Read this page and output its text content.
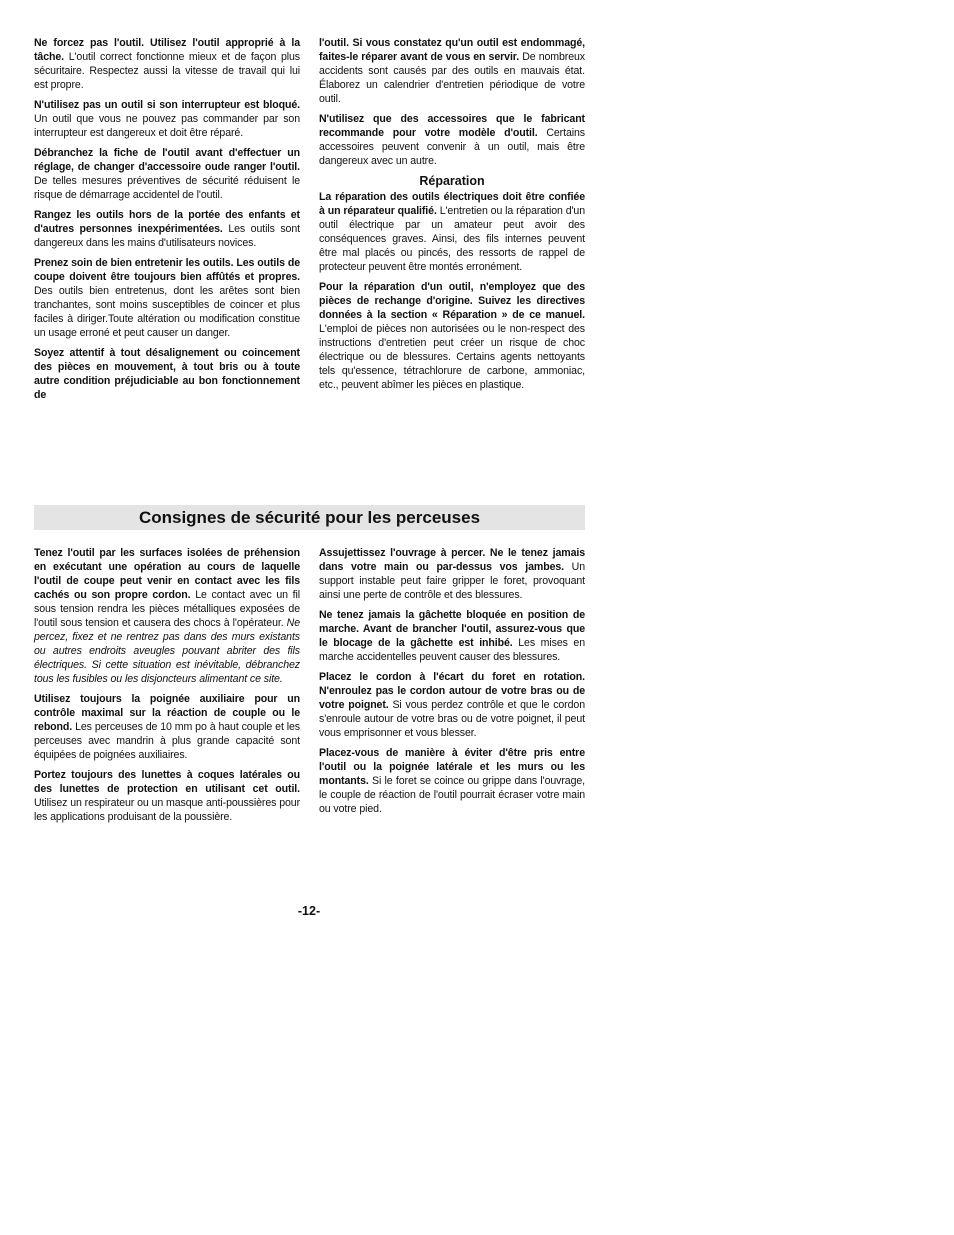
Ne forcez pas l'outil. Utilisez l'outil approprié à la tâche. L'outil correct fonctionne mieux et de façon plus sécuritaire. Respectez aussi la vitesse de travail qui lui est propre.

N'utilisez pas un outil si son interrupteur est bloqué. Un outil que vous ne pouvez pas commander par son interrupteur est dangereux et doit être réparé.

Débranchez la fiche de l'outil avant d'effectuer un réglage, de changer d'accessoire oude ranger l'outil. De telles mesures préventives de sécurité réduisent le risque de démarrage accidentel de l'outil.

Rangez les outils hors de la portée des enfants et d'autres personnes inexpérimentées. Les outils sont dangereux dans les mains d'utilisateurs novices.

Prenez soin de bien entretenir les outils. Les outils de coupe doivent être toujours bien affûtés et propres. Des outils bien entretenus, dont les arêtes sont bien tranchantes, sont moins susceptibles de coincer et plus faciles à diriger.Toute altération ou modification constitue un usage erroné et peut causer un danger.

Soyez attentif à tout désalignement ou coincement des pièces en mouvement, à tout bris ou à toute autre condition préjudiciable au bon fonctionnement de

l'outil. Si vous constatez qu'un outil est endommagé, faites-le réparer avant de vous en servir. De nombreux accidents sont causés par des outils en mauvais état. Élaborez un calendrier d'entretien périodique de votre outil.

N'utilisez que des accessoires que le fabricant recommande pour votre modèle d'outil. Certains accessoires peuvent convenir à un outil, mais être dangereux avec un autre.

Réparation

La réparation des outils électriques doit être confiée à un réparateur qualifié. L'entretien ou la réparation d'un outil électrique par un amateur peut avoir des conséquences graves. Ainsi, des fils internes peuvent être mal placés ou pincés, des ressorts de rappel de protecteur peuvent être montés erronément.

Pour la réparation d'un outil, n'employez que des pièces de rechange d'origine. Suivez les directives données à la section « Réparation » de ce manuel. L'emploi de pièces non autorisées ou le non-respect des instructions d'entretien peut créer un risque de choc électrique ou de blessures. Certains agents nettoyants tels qu'essence, tétrachlorure de carbone, ammoniac, etc., peuvent abîmer les pièces en plastique.

Consignes de sécurité pour les perceuses

Tenez l'outil par les surfaces isolées de préhension en exécutant une opération au cours de laquelle l'outil de coupe peut venir en contact avec les fils cachés ou son propre cordon. Le contact avec un fil sous tension rendra les pièces métalliques exposées de l'outil sous tension et causera des chocs à l'opérateur. Ne percez, fixez et ne rentrez pas dans des murs existants ou autres endroits aveugles pouvant abriter des fils électriques. Si cette situation est inévitable, débranchez tous les fusibles ou les disjoncteurs alimentant ce site.

Utilisez toujours la poignée auxiliaire pour un contrôle maximal sur la réaction de couple ou le rebond. Les perceuses de 10 mm po à haut couple et les perceuses avec mandrin à plus grande capacité sont équipées de poignées auxiliaires.

Portez toujours des lunettes à coques latérales ou des lunettes de protection en utilisant cet outil. Utilisez un respirateur ou un masque anti-poussières pour les applications produisant de la poussière.

Assujettissez l'ouvrage à percer. Ne le tenez jamais dans votre main ou par-dessus vos jambes. Un support instable peut faire gripper le foret, provoquant ainsi une perte de contrôle et des blessures.

Ne tenez jamais la gâchette bloquée en position de marche. Avant de brancher l'outil, assurez-vous que le blocage de la gâchette est inhibé. Les mises en marche accidentelles peuvent causer des blessures.

Placez le cordon à l'écart du foret en rotation. N'enroulez pas le cordon autour de votre bras ou de votre poignet. Si vous perdez contrôle et que le cordon s'enroule autour de votre bras ou de votre poignet, il peut vous emprisonner et vous blesser.

Placez-vous de manière à éviter d'être pris entre l'outil ou la poignée latérale et les murs ou les montants. Si le foret se coince ou grippe dans l'ouvrage, le couple de réaction de l'outil pourrait écraser votre main ou votre pied.

-12-
